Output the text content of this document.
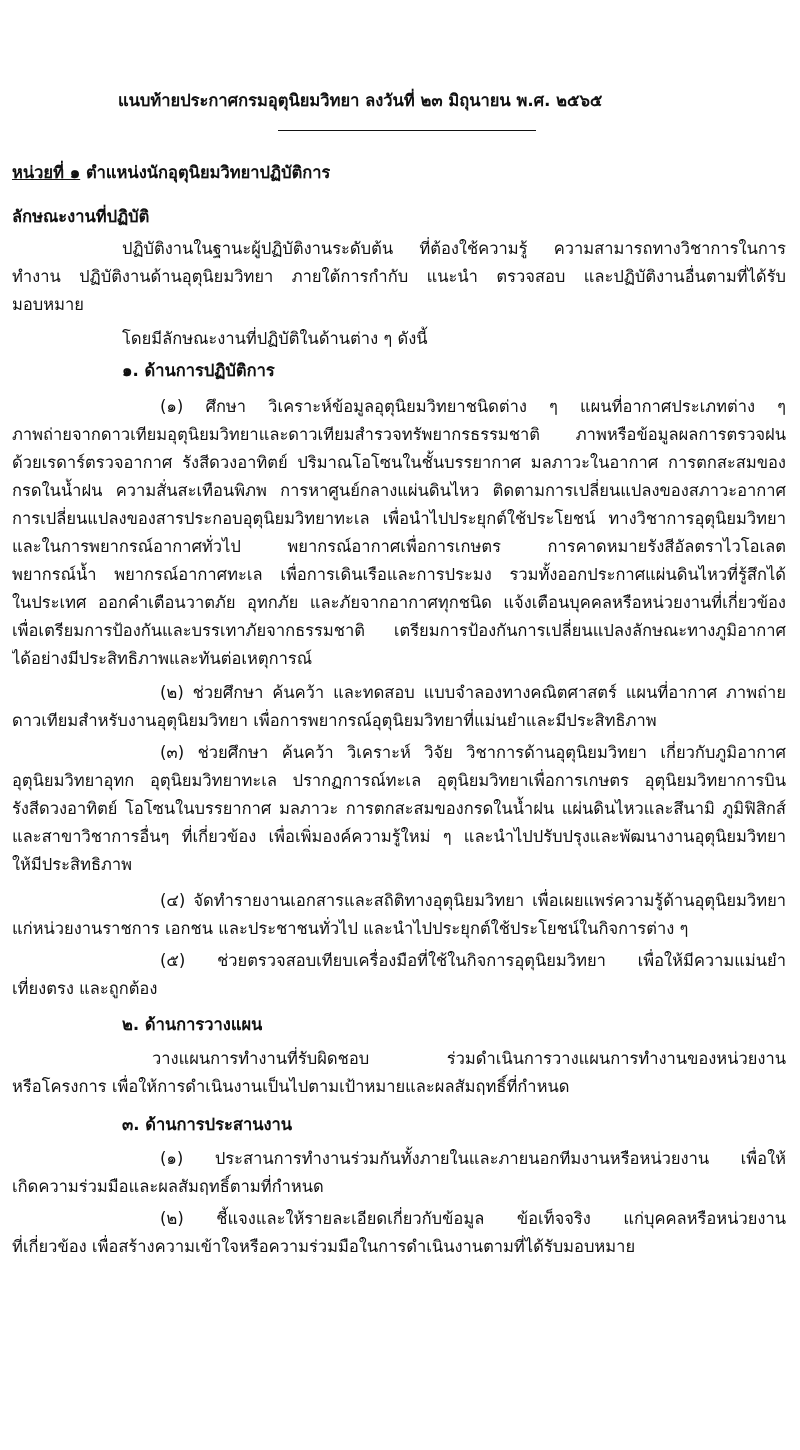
แนบท้ายประกาศกรมอุตุนิยมวิทยา ลงวันที่ ๒๓ มิถุนายน พ.ศ. ๒๕๖๕
หน่วยที่ ๑ ตำแหน่งนักอุตุนิยมวิทยาปฏิบัติการ
ลักษณะงานที่ปฏิบัติ
ปฏิบัติงานในฐานะผู้ปฏิบัติงานระดับต้น ที่ต้องใช้ความรู้ ความสามารถทางวิชาการในการ
ทำงาน ปฏิบัติงานด้านอุตุนิยมวิทยา ภายใต้การกำกับ แนะนำ ตรวจสอบ และปฏิบัติงานอื่นตามที่ได้รับ
มอบหมาย
โดยมีลักษณะงานที่ปฏิบัติในด้านต่าง ๆ ดังนี้
๑. ด้านการปฏิบัติการ
(๑) ศึกษา วิเคราะห์ข้อมูลอุตุนิยมวิทยาชนิดต่าง ๆ แผนที่อากาศประเภทต่าง ๆ
ภาพถ่ายจากดาวเทียมอุตุนิยมวิทยาและดาวเทียมสำรวจทรัพยากรธรรมชาติ ภาพหรือข้อมูลผลการตรวจฝน
ด้วยเรดาร์ตรวจอากาศ รังสีดวงอาทิตย์ ปริมาณโอโซนในชั้นบรรยากาศ มลภาวะในอากาศ การตกสะสมของ
กรดในน้ำฝน ความสั่นสะเทือนพิภพ การหาศูนย์กลางแผ่นดินไหว ติดตามการเปลี่ยนแปลงของสภาวะอากาศ
การเปลี่ยนแปลงของสารประกอบอุตุนิยมวิทยาทะเล เพื่อนำไปประยุกต์ใช้ประโยชน์ ทางวิชาการอุตุนิยมวิทยา
และในการพยากรณ์อากาศทั่วไป พยากรณ์อากาศเพื่อการเกษตร การคาดหมายรังสีอัลตราไวโอเลต
พยากรณ์น้ำ พยากรณ์อากาศทะเล เพื่อการเดินเรือและการประมง รวมทั้งออกประกาศแผ่นดินไหวที่รู้สึกได้
ในประเทศ ออกคำเตือนวาตภัย อุทกภัย และภัยจากอากาศทุกชนิด แจ้งเตือนบุคคลหรือหน่วยงานที่เกี่ยวข้อง
เพื่อเตรียมการป้องกันและบรรเทาภัยจากธรรมชาติ เตรียมการป้องกันการเปลี่ยนแปลงลักษณะทางภูมิอากาศ
ได้อย่างมีประสิทธิภาพและทันต่อเหตุการณ์
(๒) ช่วยศึกษา ค้นคว้า และทดสอบ แบบจำลองทางคณิตศาสตร์ แผนที่อากาศ ภาพถ่าย
ดาวเทียมสำหรับงานอุตุนิยมวิทยา เพื่อการพยากรณ์อุตุนิยมวิทยาที่แม่นยำและมีประสิทธิภาพ
(๓) ช่วยศึกษา ค้นคว้า วิเคราะห์ วิจัย วิชาการด้านอุตุนิยมวิทยา เกี่ยวกับภูมิอากาศ
อุตุนิยมวิทยาอุทก อุตุนิยมวิทยาทะเล ปรากฏการณ์ทะเล อุตุนิยมวิทยาเพื่อการเกษตร อุตุนิยมวิทยาการบิน
รังสีดวงอาทิตย์ โอโซนในบรรยากาศ มลภาวะ การตกสะสมของกรดในน้ำฝน แผ่นดินไหวและสึนามิ ภูมิฟิสิกส์
และสาขาวิชาการอื่นๆ ที่เกี่ยวข้อง เพื่อเพิ่มองค์ความรู้ใหม่ ๆ และนำไปปรับปรุงและพัฒนางานอุตุนิยมวิทยา
ให้มีประสิทธิภาพ
(๔) จัดทำรายงานเอกสารและสถิติทางอุตุนิยมวิทยา เพื่อเผยแพร่ความรู้ด้านอุตุนิยมวิทยา
แก่หน่วยงานราชการ เอกชน และประชาชนทั่วไป และนำไปประยุกต์ใช้ประโยชน์ในกิจการต่าง ๆ
(๕) ช่วยตรวจสอบเทียบเครื่องมือที่ใช้ในกิจการอุตุนิยมวิทยา เพื่อให้มีความแม่นยำ
เที่ยงตรง และถูกต้อง
๒. ด้านการวางแผน
วางแผนการทำงานที่รับผิดชอบ ร่วมดำเนินการวางแผนการทำงานของหน่วยงาน
หรือโครงการ เพื่อให้การดำเนินงานเป็นไปตามเป้าหมายและผลสัมฤทธิ์ที่กำหนด
๓. ด้านการประสานงาน
(๑) ประสานการทำงานร่วมกันทั้งภายในและภายนอกทีมงานหรือหน่วยงาน เพื่อให้
เกิดความร่วมมือและผลสัมฤทธิ์ตามที่กำหนด
(๒) ชี้แจงและให้รายละเอียดเกี่ยวกับข้อมูล ข้อเท็จจริง แก่บุคคลหรือหน่วยงาน
ที่เกี่ยวข้อง เพื่อสร้างความเข้าใจหรือความร่วมมือในการดำเนินงานตามที่ได้รับมอบหมาย
